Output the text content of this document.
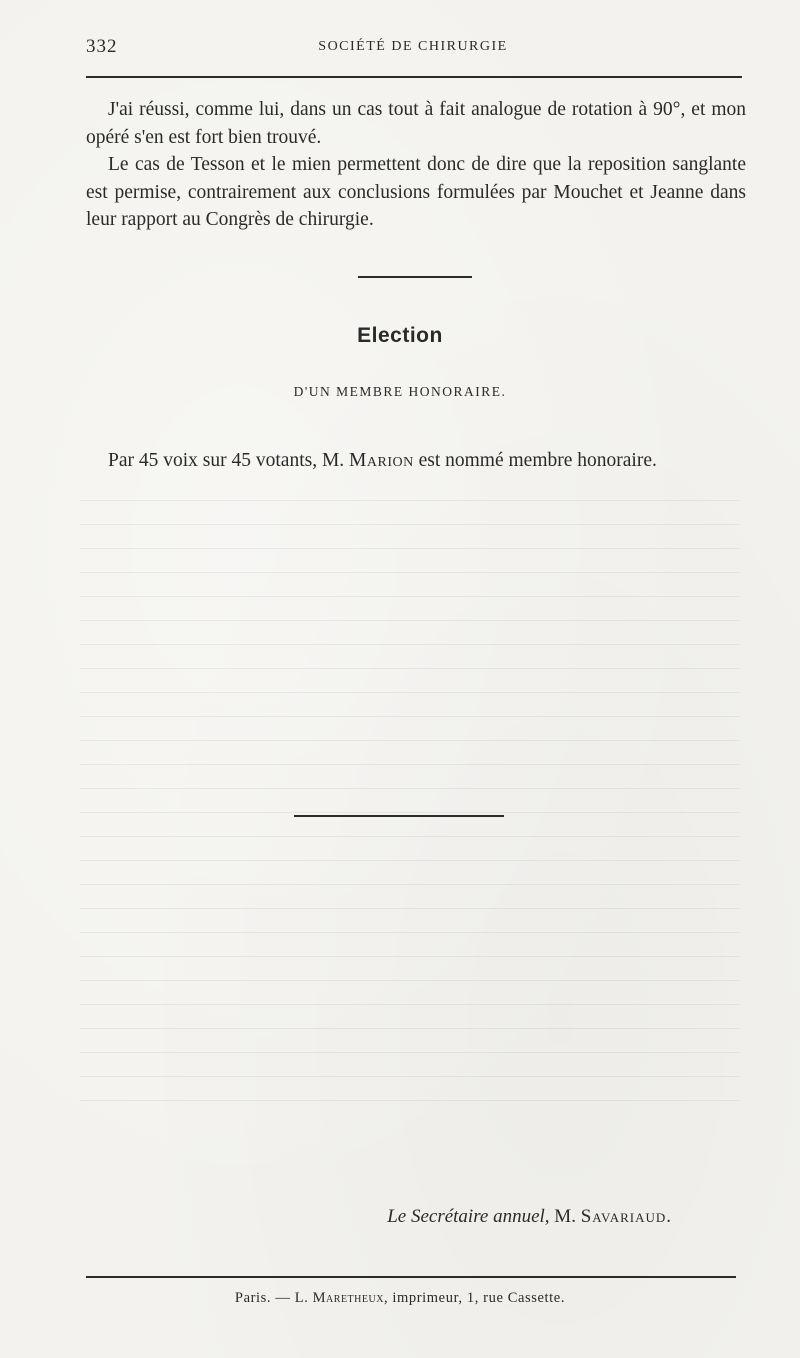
332	SOCIÉTÉ DE CHIRURGIE

J'ai réussi, comme lui, dans un cas tout à fait analogue de rotation à 90°, et mon opéré s'en est fort bien trouvé.

Le cas de Tesson et le mien permettent donc de dire que la reposition sanglante est permise, contrairement aux conclusions formulées par Mouchet et Jeanne dans leur rapport au Congrès de chirurgie.

Election
D'UN MEMBRE HONORAIRE.

Par 45 voix sur 45 votants, M. Marion est nommé membre honoraire.

Le Secrétaire annuel, M. Savariaud.
Paris. — L. Maretheux, imprimeur, 1, rue Cassette.
